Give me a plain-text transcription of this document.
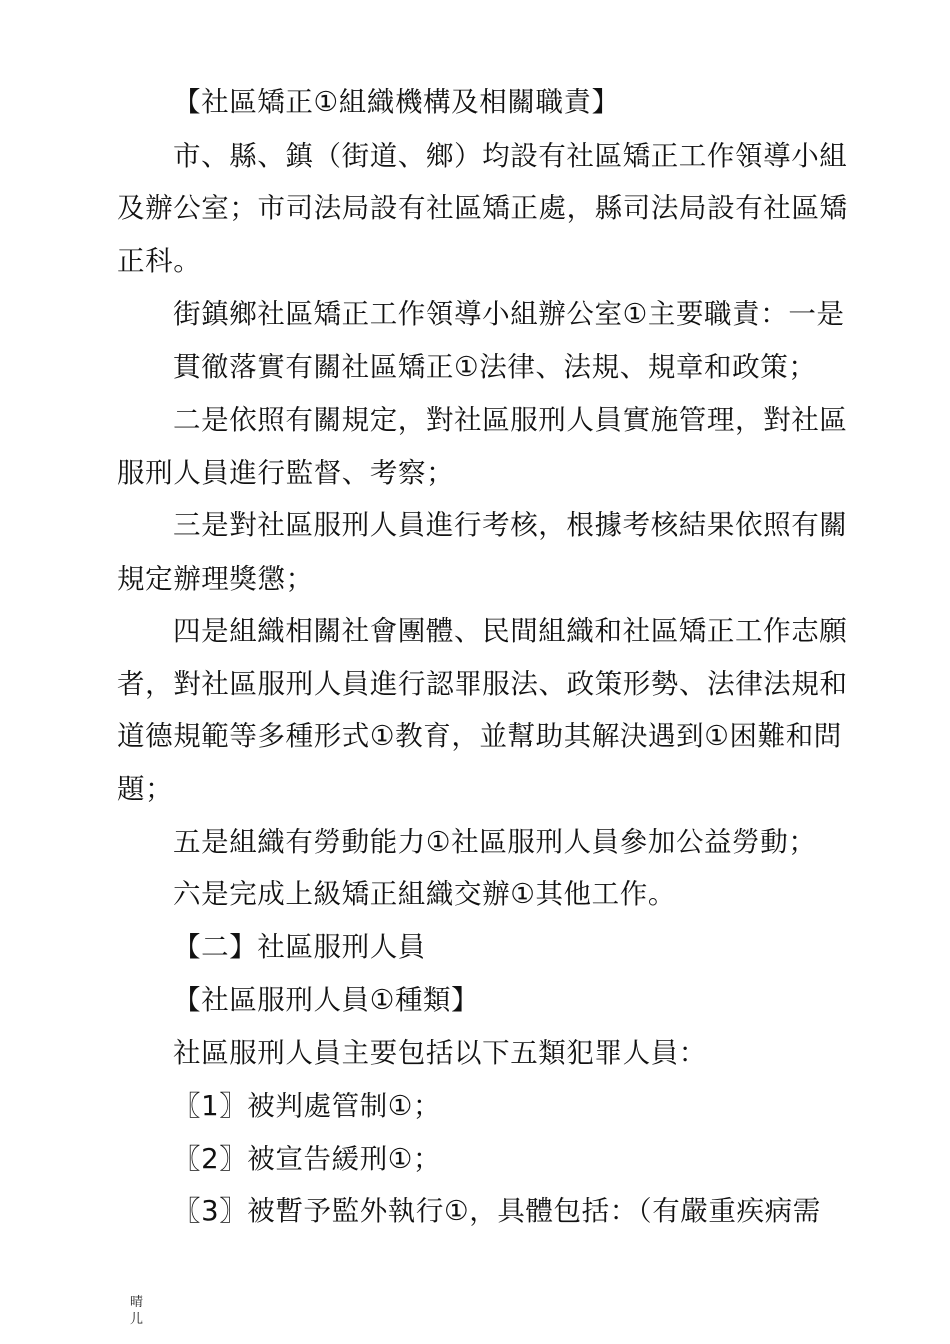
【社區矯正①組織機構及相關職責】
市、縣、鎮（街道、鄉）均設有社區矯正工作領導小組
及辦公室；市司法局設有社區矯正處，縣司法局設有社區矯
正科。
街鎮鄉社區矯正工作領導小組辦公室①主要職責：一是
貫徹落實有關社區矯正①法律、法規、規章和政策；
二是依照有關規定，對社區服刑人員實施管理，對社區
服刑人員進行監督、考察；
三是對社區服刑人員進行考核，根據考核結果依照有關
規定辦理獎懲；
四是組織相關社會團體、民間組織和社區矯正工作志願
者，對社區服刑人員進行認罪服法、政策形勢、法律法規和
道德規範等多種形式①教育，並幫助其解決遇到①困難和問
題；
五是組織有勞動能力①社區服刑人員參加公益勞動；
六是完成上級矯正組織交辦①其他工作。
【二】社區服刑人員
【社區服刑人員①種類】
社區服刑人員主要包括以下五類犯罪人員：
〖1〗被判處管制①；
〖2〗被宣告緩刑①；
〖3〗被暫予監外執行①，具體包括：（有嚴重疾病需
晴
儿
